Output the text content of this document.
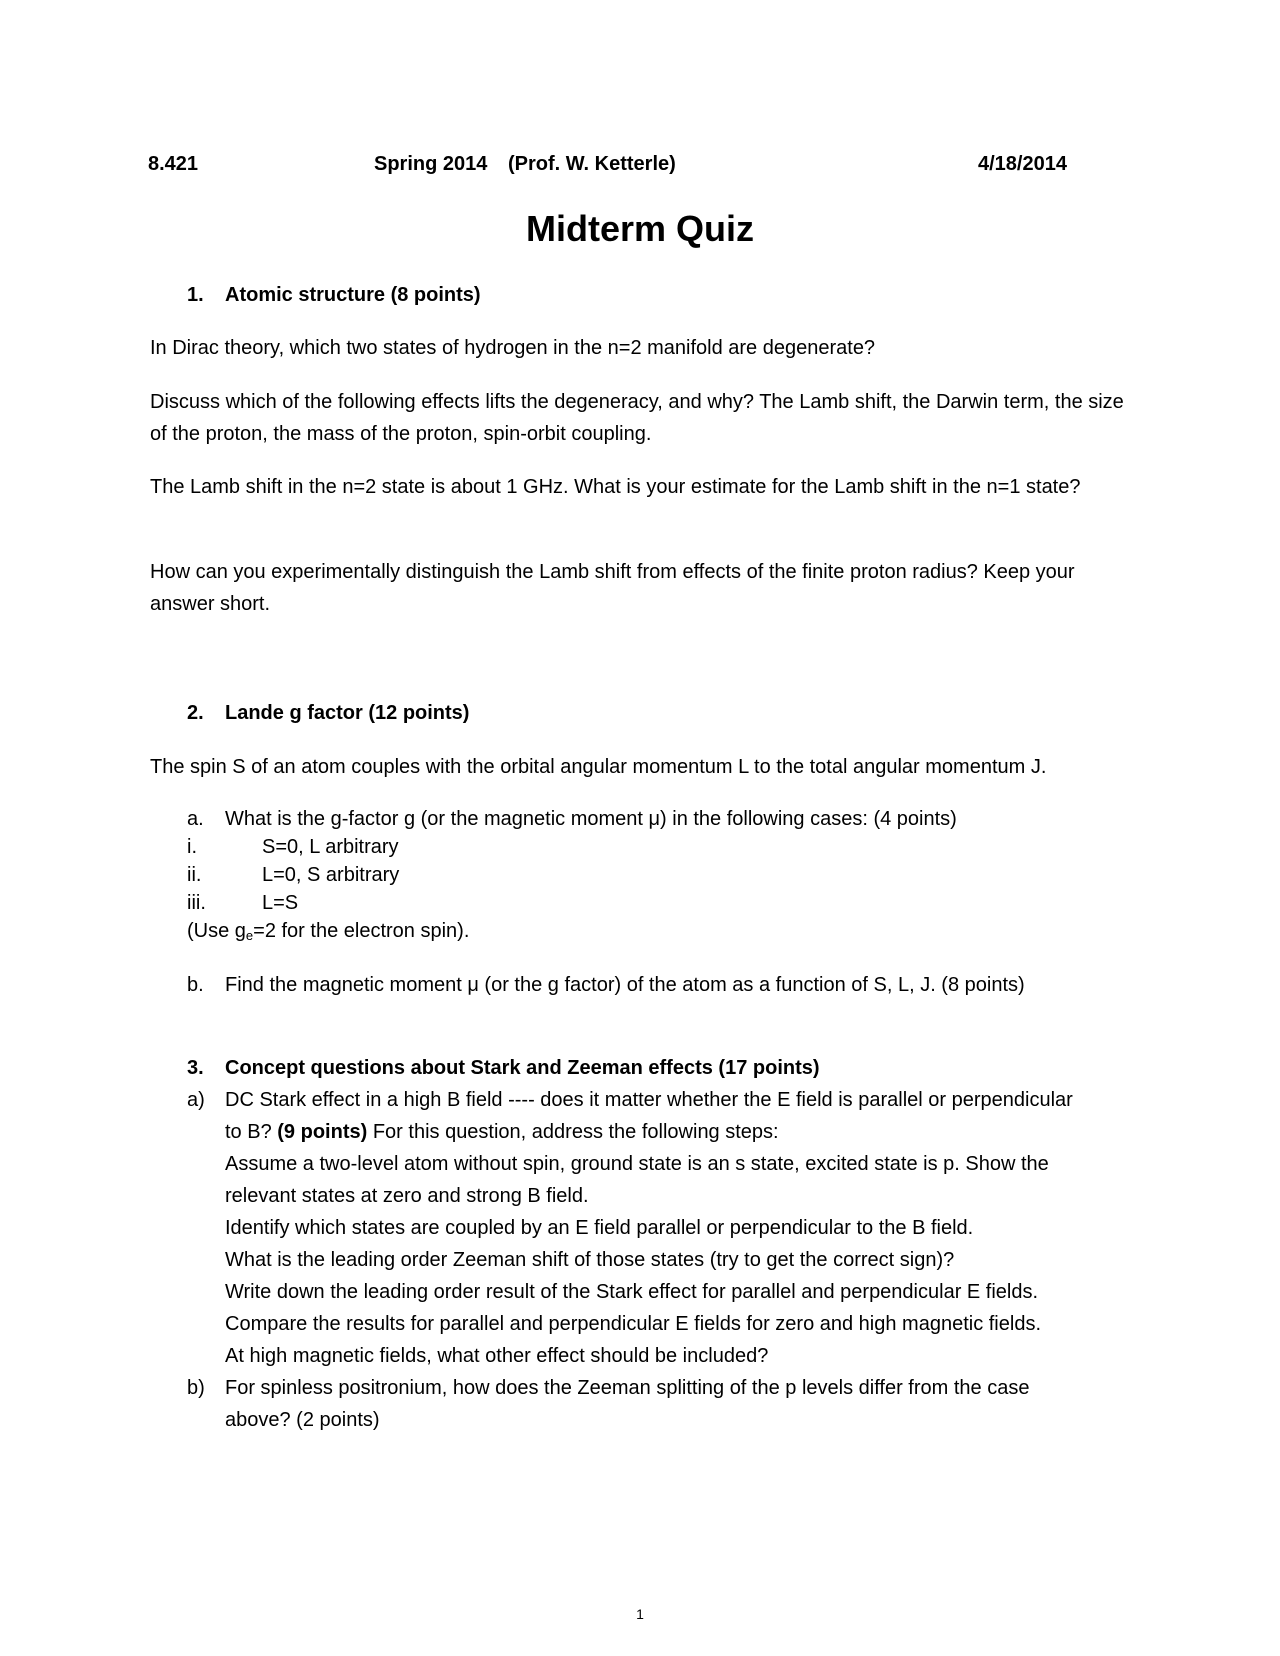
8.421	Spring 2014 (Prof. W. Ketterle)	4/18/2014
Midterm Quiz
1. Atomic structure (8 points)
In Dirac theory, which two states of hydrogen in the n=2 manifold are degenerate?
Discuss which of the following effects lifts the degeneracy, and why? The Lamb shift, the Darwin term, the size of the proton, the mass of the proton, spin-orbit coupling.
The Lamb shift in the n=2 state is about 1 GHz. What is your estimate for the Lamb shift in the n=1 state?
How can you experimentally distinguish the Lamb shift from effects of the finite proton radius? Keep your answer short.
2. Lande g factor (12 points)
The spin S of an atom couples with the orbital angular momentum L to the total angular momentum J.
a. What is the g-factor g (or the magnetic moment μ) in the following cases: (4 points)
i.	S=0, L arbitrary
ii.	L=0, S arbitrary
iii.	L=S
(Use $g_e=2$ for the electron spin).
b. Find the magnetic moment μ (or the g factor) of the atom as a function of S, L, J. (8 points)
3. Concept questions about Stark and Zeeman effects (17 points)
a) DC Stark effect in a high B field ---- does it matter whether the E field is parallel or perpendicular
to B? (9 points) For this question, address the following steps:
Assume a two-level atom without spin, ground state is an s state, excited state is p. Show the
relevant states at zero and strong B field.
Identify which states are coupled by an E field parallel or perpendicular to the B field.
What is the leading order Zeeman shift of those states (try to get the correct sign)?
Write down the leading order result of the Stark effect for parallel and perpendicular E fields.
Compare the results for parallel and perpendicular E fields for zero and high magnetic fields.
At high magnetic fields, what other effect should be included?
b) For spinless positronium, how does the Zeeman splitting of the p levels differ from the case
above? (2 points)
1
